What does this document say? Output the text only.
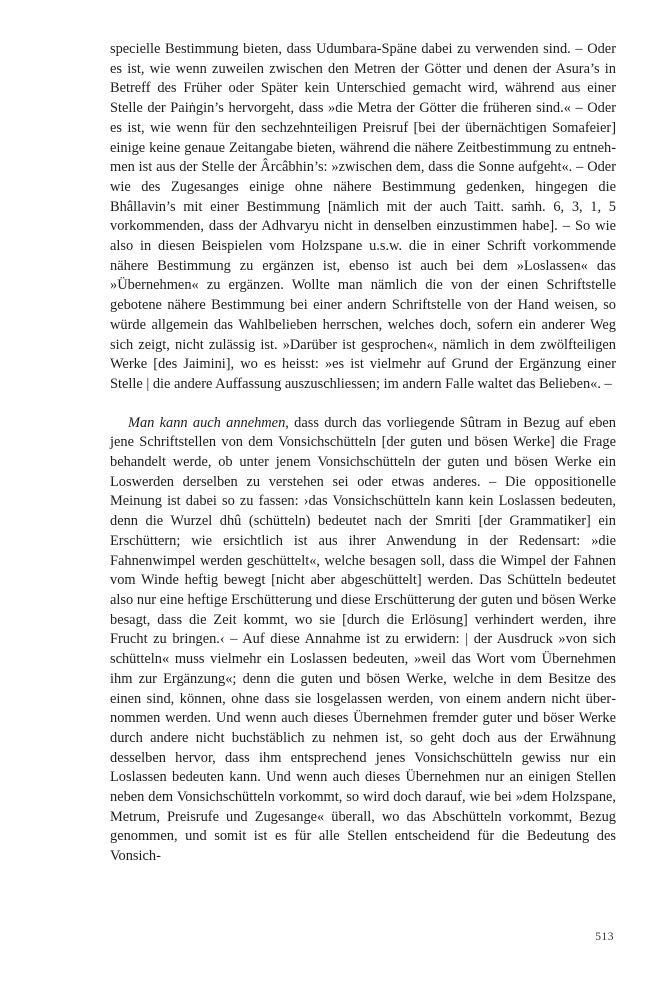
specielle Bestimmung bieten, dass Udumbara-Späne dabei zu verwenden sind. – Oder es ist, wie wenn zuweilen zwischen den Metren der Götter und denen der Asura’s in Betreff des Früher oder Später kein Unterschied gemacht wird, während aus einer Stelle der Paiṅgin’s hervorgeht, dass »die Metra der Götter die früheren sind.« – Oder es ist, wie wenn für den sechzehnteiligen Preisruf [bei der übernächtigen Somafeier] einige keine genaue Zeitangabe bieten, während die nähere Zeitbestimmung zu entnehmen ist aus der Stelle der Ârcâbhin’s: »zwischen dem, dass die Sonne aufgeht«. – Oder wie des Zugesanges einige ohne nähere Bestimmung gedenken, hingegen die Bhâllavin’s mit einer Bestimmung [nämlich mit der auch Taitt. saṁh. 6, 3, 1, 5 vorkommenden, dass der Adhvaryu nicht in denselben einzustimmen habe]. – So wie also in diesen Beispielen vom Holzspane u.s.w. die in einer Schrift vorkommende nähere Bestimmung zu ergänzen ist, ebenso ist auch bei dem »Loslassen« das »Übernehmen« zu ergänzen. Wollte man nämlich die von der einen Schriftstelle gebotene nähere Bestimmung bei einer andern Schriftstelle von der Hand weisen, so würde allgemein das Wahlbelieben herrschen, welches doch, sofern ein anderer Weg sich zeigt, nicht zulässig ist. »Darüber ist gesprochen«, nämlich in dem zwölfteiligen Werke [des Jaimini], wo es heisst: »es ist vielmehr auf Grund der Ergänzung einer Stelle | die andere Auffassung auszuschliessen; im andern Falle waltet das Belieben«. –

Man kann auch annehmen, dass durch das vorliegende Sûtram in Bezug auf eben jene Schriftstellen von dem Vonsichschütteln [der guten und bösen Werke] die Frage behandelt werde, ob unter jenem Vonsichschütteln der guten und bösen Werke ein Loswerden derselben zu verstehen sei oder etwas anderes. – Die oppositionelle Meinung ist dabei so zu fassen: ›das Vonsichschütteln kann kein Loslassen bedeuten, denn die Wurzel dhû (schütteln) bedeutet nach der Smriti [der Grammatiker] ein Erschüttern; wie ersichtlich ist aus ihrer Anwendung in der Redensart: »die Fahnenwimpel werden geschüttelt«, welche besagen soll, dass die Wimpel der Fahnen vom Winde heftig bewegt [nicht aber abgeschüttelt] werden. Das Schütteln bedeutet also nur eine heftige Erschütterung und diese Erschütterung der guten und bösen Werke besagt, dass die Zeit kommt, wo sie [durch die Erlösung] verhindert werden, ihre Frucht zu bringen.‹ – Auf diese Annahme ist zu erwidern: | der Ausdruck »von sich schütteln« muss vielmehr ein Loslassen bedeuten, »weil das Wort vom Übernehmen ihm zur Ergänzung«; denn die guten und bösen Werke, welche in dem Besitze des einen sind, können, ohne dass sie losgelassen werden, von einem andern nicht übernommen werden. Und wenn auch dieses Übernehmen fremder guter und böser Werke durch andere nicht buchstäblich zu nehmen ist, so geht doch aus der Erwähnung desselben hervor, dass ihm entsprechend jenes Vonsichschütteln gewiss nur ein Loslassen bedeuten kann. Und wenn auch dieses Übernehmen nur an einigen Stellen neben dem Vonsichschütteln vorkommt, so wird doch darauf, wie bei »dem Holzspane, Metrum, Preisrufe und Zugesange« überall, wo das Abschütteln vorkommt, Bezug genommen, und somit ist es für alle Stellen entscheidend für die Bedeutung des Vonsich-

513
